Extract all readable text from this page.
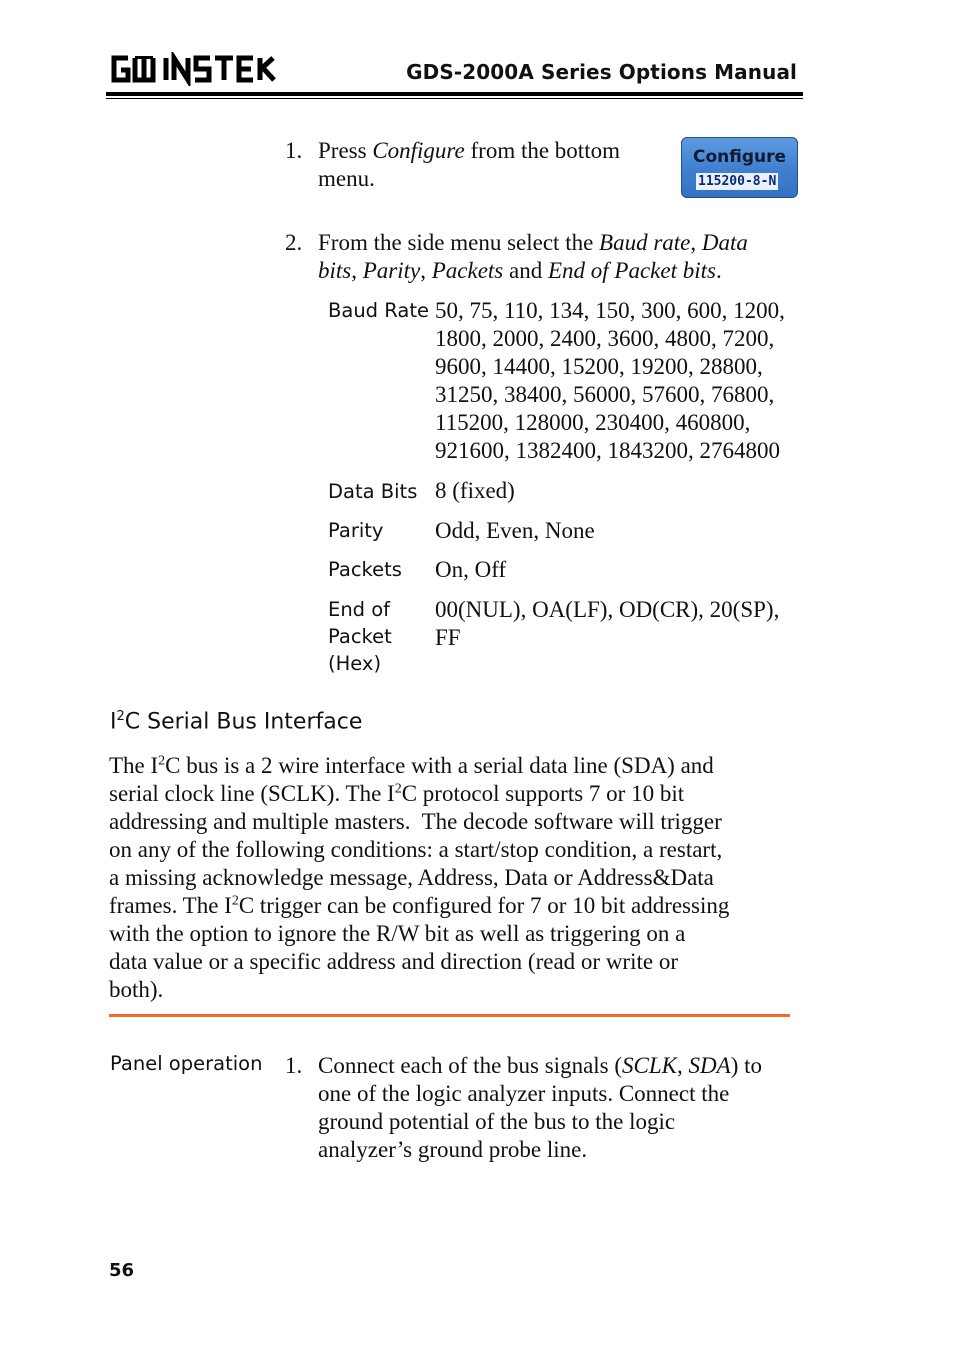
GDS-2000A Series Options Manual
1. Press Configure from the bottom
menu.
Configure
115200-8-N
2. From the side menu select the Baud rate, Data
bits, Parity, Packets and End of Packet bits.
Baud Rate 50, 75, 110, 134, 150, 300, 600, 1200,
1800, 2000, 2400, 3600, 4800, 7200,
9600, 14400, 15200, 19200, 28800,
31250, 38400, 56000, 57600, 76800,
115200, 128000, 230400, 460800,
921600, 1382400, 1843200, 2764800
Data Bits 8 (fixed)
Parity Odd, Even, None
Packets On, Off
End of
Packet
(Hex)
00(NUL), OA(LF), OD(CR), 20(SP),
FF
$I^2C$ Serial Bus Interface
The $I^2C$ bus is a 2 wire interface with a serial data line (SDA) and
serial clock line (SCLK). The $I^2C$ protocol supports 7 or 10 bit
addressing and multiple masters.  The decode software will trigger
on any of the following conditions: a start/stop condition, a restart,
a missing acknowledge message, Address, Data or Address&Data
frames. The $I^2C$ trigger can be configured for 7 or 10 bit addressing
with the option to ignore the R/W bit as well as triggering on a
data value or a specific address and direction (read or write or
both).
Panel operation 1. Connect each of the bus signals (SCLK, SDA) to
one of the logic analyzer inputs. Connect the
ground potential of the bus to the logic
analyzer’s ground probe line.
56
